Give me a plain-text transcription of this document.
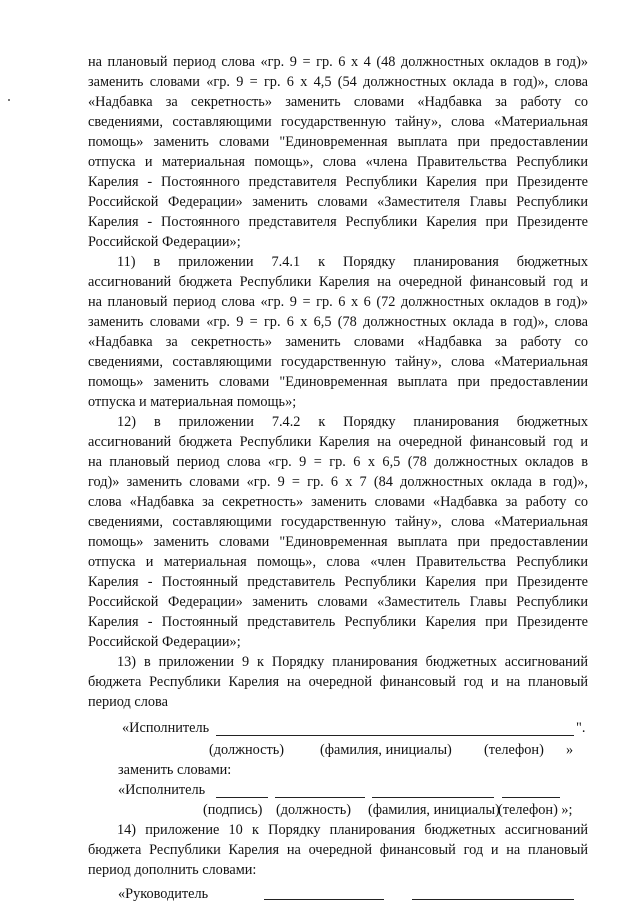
на плановый период слова «гр. 9 = гр. 6 х 4 (48 должностных окладов в год)»
заменить словами «гр. 9 = гр. 6 х 4,5 (54 должностных оклада в год)», слова
«Надбавка за секретность» заменить словами «Надбавка за работу со
сведениями, составляющими государственную тайну», слова «Материальная
помощь» заменить словами "Единовременная выплата при предоставлении
отпуска и материальная помощь», слова «члена Правительства Республики
Карелия - Постоянного представителя Республики Карелия при Президенте
Российской Федерации» заменить словами «Заместителя Главы Республики
Карелия - Постоянного представителя Республики Карелия при Президенте
Российской Федерации»;
11) в приложении 7.4.1 к Порядку планирования бюджетных
ассигнований бюджета Республики Карелия на очередной финансовый год и
на плановый период слова «гр. 9 = гр. 6 х 6 (72 должностных окладов в год)»
заменить словами «гр. 9 = гр. 6 х 6,5 (78 должностных оклада в год)», слова
«Надбавка за секретность» заменить словами «Надбавка за работу со
сведениями, составляющими государственную тайну», слова «Материальная
помощь» заменить словами "Единовременная выплата при предоставлении
отпуска и материальная помощь»;
12) в приложении 7.4.2 к Порядку планирования бюджетных
ассигнований бюджета Республики Карелия на очередной финансовый год и
на плановый период слова «гр. 9 = гр. 6 х 6,5 (78 должностных окладов в
год)» заменить словами «гр. 9 = гр. 6 х 7 (84 должностных оклада в год)»,
слова «Надбавка за секретность» заменить словами «Надбавка за работу со
сведениями, составляющими государственную тайну», слова «Материальная
помощь» заменить словами "Единовременная выплата при предоставлении
отпуска и материальная помощь», слова «член Правительства Республики
Карелия - Постоянный представитель Республики Карелия при Президенте
Российской Федерации» заменить словами «Заместитель Главы Республики
Карелия - Постоянный представитель Республики Карелия при Президенте
Российской Федерации»;
13) в приложении 9 к Порядку планирования бюджетных ассигнований
бюджета Республики Карелия на очередной финансовый год и на плановый
период слова
«Исполнитель	".
(должность)	(фамилия, инициалы) (телефон) »
заменить словами:
«Исполнитель
(подпись) (должность) (фамилия, инициалы)
(телефон) »;
14) приложение 10 к Порядку планирования бюджетных ассигнований
бюджета Республики Карелия на очередной финансовый год и на плановый
период дополнить словами:
«Руководитель
